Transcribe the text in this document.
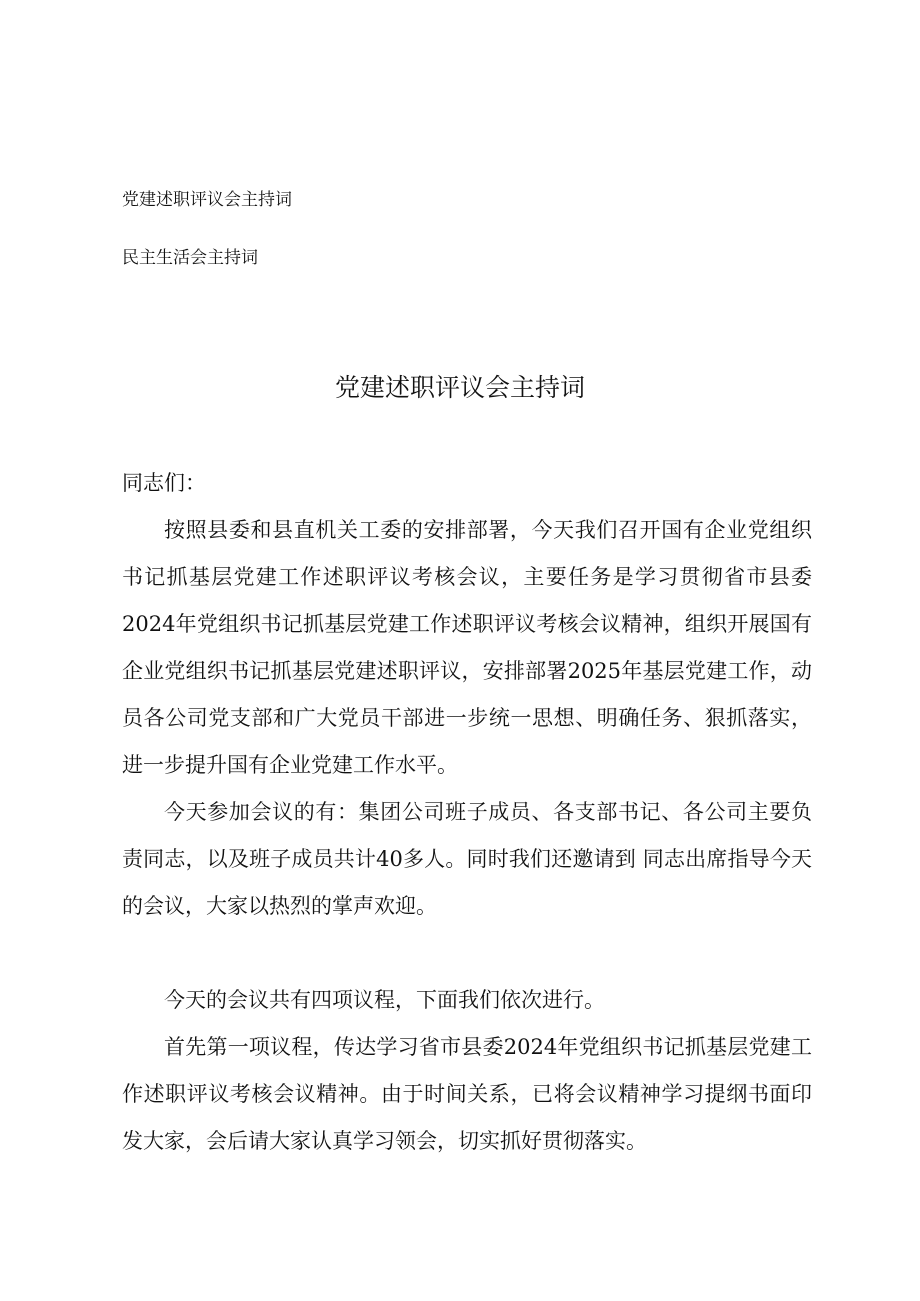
党建述职评议会主持词
民主生活会主持词
党建述职评议会主持词

同志们：

按照县委和县直机关工委的安排部署，今天我们召开国有企业党组织书记抓基层党建工作述职评议考核会议，主要任务是学习贯彻省市县委2024年党组织书记抓基层党建工作述职评议考核会议精神，组织开展国有企业党组织书记抓基层党建述职评议，安排部署2025年基层党建工作，动员各公司党支部和广大党员干部进一步统一思想、明确任务、狠抓落实，进一步提升国有企业党建工作水平。

今天参加会议的有：集团公司班子成员、各支部书记、各公司主要负责同志，以及班子成员共计40多人。同时我们还邀请到 同志出席指导今天的会议，大家以热烈的掌声欢迎。

今天的会议共有四项议程，下面我们依次进行。

首先第一项议程，传达学习省市县委2024年党组织书记抓基层党建工作述职评议考核会议精神。由于时间关系，已将会议精神学习提纲书面印发大家，会后请大家认真学习领会，切实抓好贯彻落实。
